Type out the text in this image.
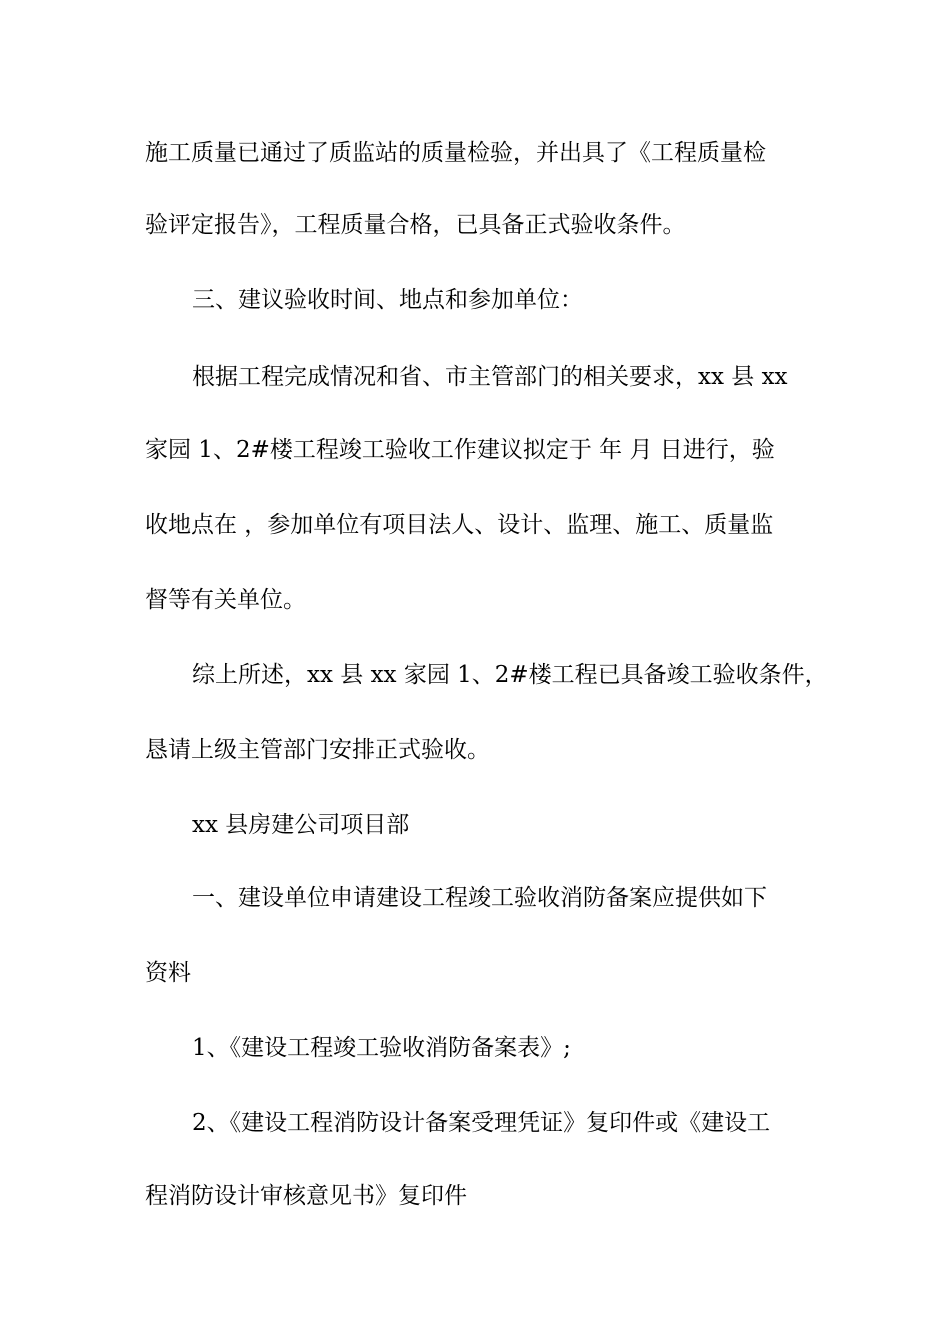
施工质量已通过了质监站的质量检验，并出具了《工程质量检
验评定报告》，工程质量合格，已具备正式验收条件。
三、建议验收时间、地点和参加单位：
根据工程完成情况和省、市主管部门的相关要求，xx 县 xx
家园 1、2#楼工程竣工验收工作建议拟定于 年 月 日进行，验
收地点在 ，参加单位有项目法人、设计、监理、施工、质量监
督等有关单位。
综上所述，xx 县 xx 家园 1、2#楼工程已具备竣工验收条件，
恳请上级主管部门安排正式验收。
xx 县房建公司项目部
一、建设单位申请建设工程竣工验收消防备案应提供如下
资料
1、《建设工程竣工验收消防备案表》;
2、《建设工程消防设计备案受理凭证》复印件或《建设工
程消防设计审核意见书》复印件
